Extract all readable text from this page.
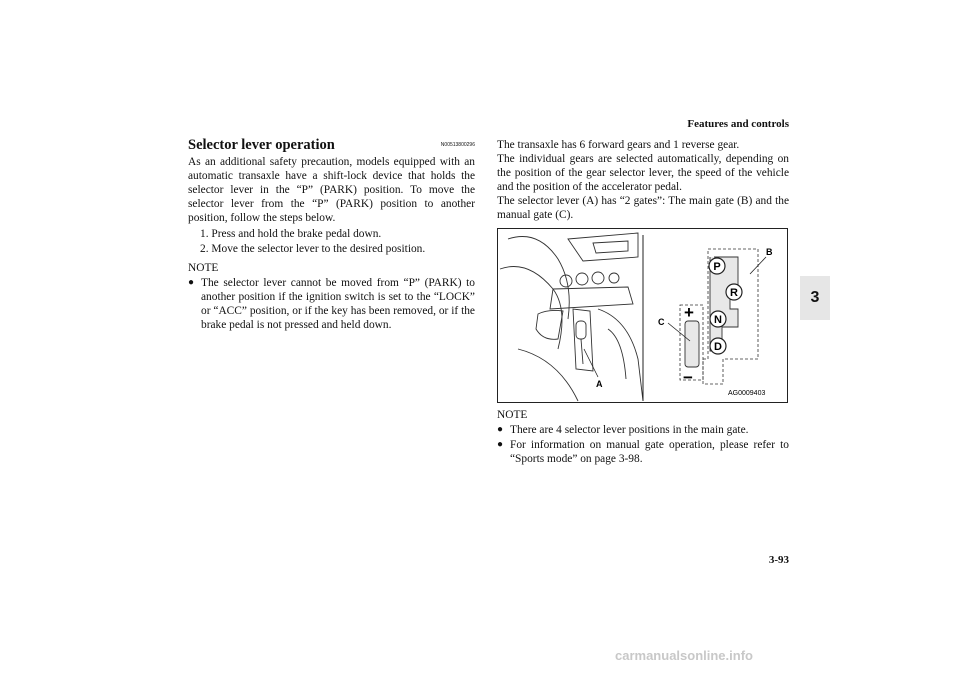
Features and controls
3
Selector lever operation	N00513800296

As an additional safety precaution, models equipped with an automatic transaxle have a shift-lock device that holds the selector lever in the “P” (PARK) position. To move the selector lever from the “P” (PARK) position to another position, follow the steps below.

1. Press and hold the brake pedal down.
2. Move the selector lever to the desired position.
NOTE
● The selector lever cannot be moved from “P” (PARK) to another position if the ignition switch is set to the “LOCK” or “ACC” position, or if the key has been removed, or if the brake pedal is not pressed and held down.

The transaxle has 6 forward gears and 1 reverse gear.

The individual gears are selected automatically, depending on the position of the gear selector lever, the speed of the vehicle and the position of the accelerator pedal.

The selector lever (A) has “2 gates”: The main gate (B) and the manual gate (C).

A
+
−
P
R
N
D
B
C
AG0009403
NOTE
● There are 4 selector lever positions in the main gate.
● For information on manual gate operation, please refer to “Sports mode” on page 3-98.
3-93
carmanualsonline.info
